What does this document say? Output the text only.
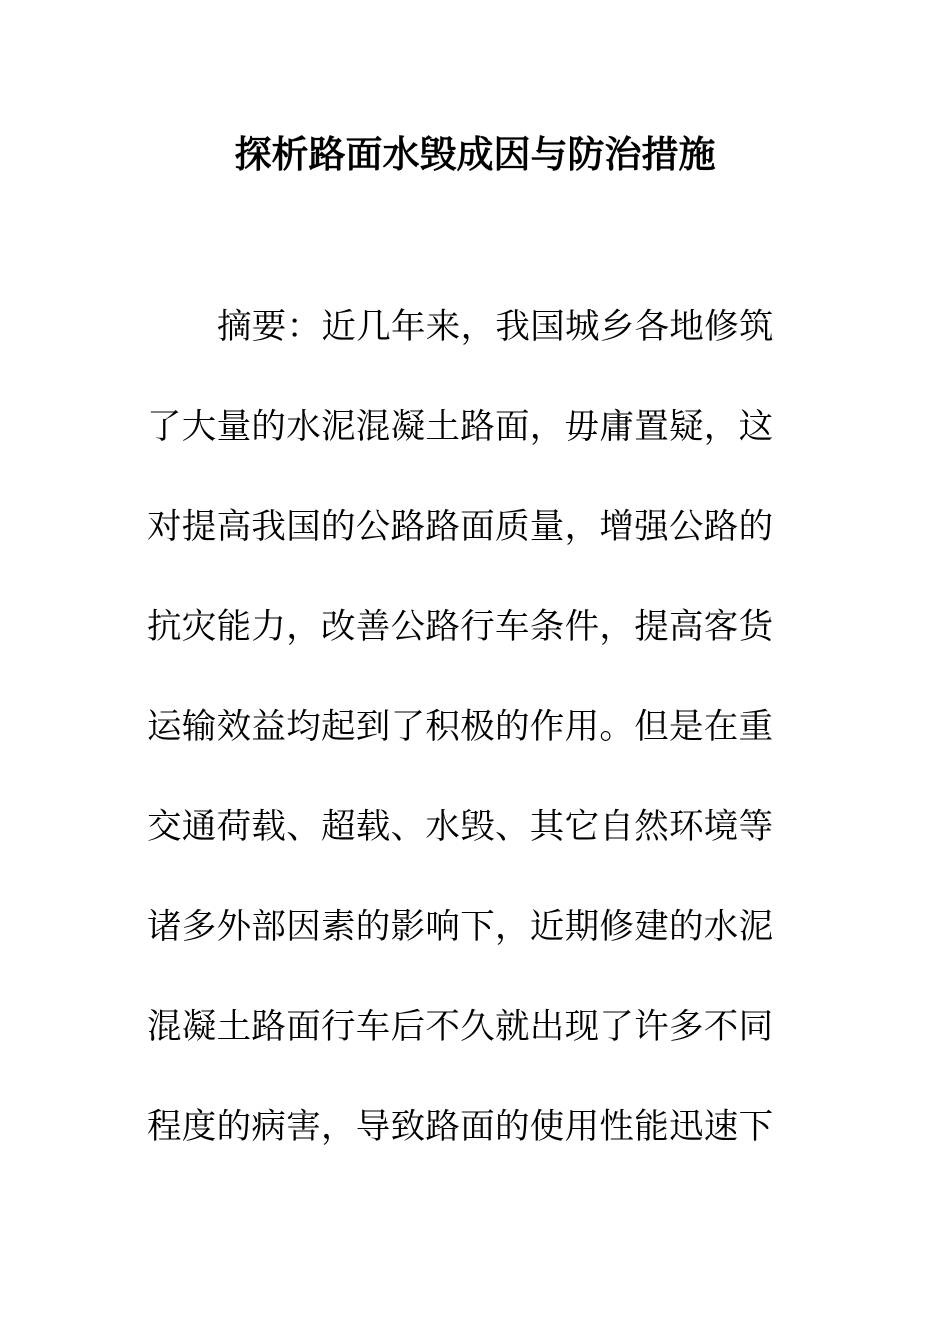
探析路面水毁成因与防治措施
摘要：近几年来，我国城乡各地修筑
了大量的水泥混凝土路面，毋庸置疑，这
对提高我国的公路路面质量，增强公路的
抗灾能力，改善公路行车条件，提高客货
运输效益均起到了积极的作用。但是在重
交通荷载、超载、水毁、其它自然环境等
诸多外部因素的影响下，近期修建的水泥
混凝土路面行车后不久就出现了许多不同
程度的病害，导致路面的使用性能迅速下
